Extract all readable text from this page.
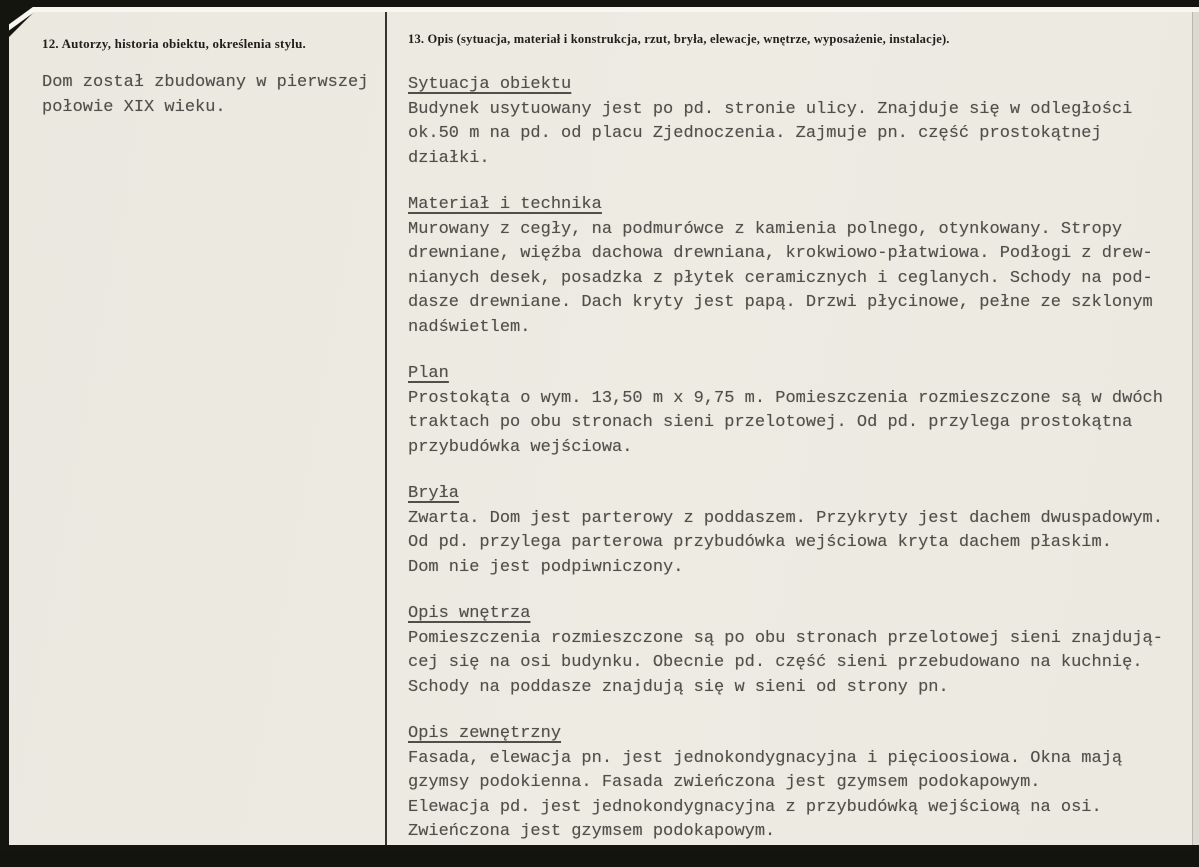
12. Autorzy, historia obiektu, określenia stylu.
Dom został zbudowany w pierwszej
połowie XIX wieku.
13. Opis (sytuacja, materiał i konstrukcja, rzut, bryła, elewacje, wnętrze, wyposażenie, instalacje).
Sytuacja obiektu
Budynek usytuowany jest po pd. stronie ulicy. Znajduje się w odległości
ok.50 m na pd. od placu Zjednoczenia. Zajmuje pn. część prostokątnej
działki.
Materiał i technika
Murowany z cegły, na podmurówce z kamienia polnego, otynkowany. Stropy
drewniane, więźba dachowa drewniana, krokwiowo-płatwiowa. Podłogi z drew-
nianych desek, posadzka z płytek ceramicznych i ceglanych. Schody na pod-
dasze drewniane. Dach kryty jest papą. Drzwi płycinowe, pełne ze szklonym
nadświetlem.
Plan
Prostokąta o wym. 13,50 m x 9,75 m. Pomieszczenia rozmieszczone są w dwóch
traktach po obu stronach sieni przelotowej. Od pd. przylega prostokątna
przybudówka wejściowa.
Bryła
Zwarta. Dom jest parterowy z poddaszem. Przykryty jest dachem dwuspadowym.
Od pd. przylega parterowa przybudówka wejściowa kryta dachem płaskim.
Dom nie jest podpiwniczony.
Opis wnętrza
Pomieszczenia rozmieszczone są po obu stronach przelotowej sieni znajdują-
cej się na osi budynku. Obecnie pd. część sieni przebudowano na kuchnię.
Schody na poddasze znajdują się w sieni od strony pn.
Opis zewnętrzny
Fasada, elewacja pn. jest jednokondygnacyjna i pięcioosiowa. Okna mają
gzymsy podokienna. Fasada zwieńczona jest gzymsem podokapowym.
Elewacja pd. jest jednokondygnacyjna z przybudówką wejściową na osi.
Zwieńczona jest gzymsem podokapowym.
